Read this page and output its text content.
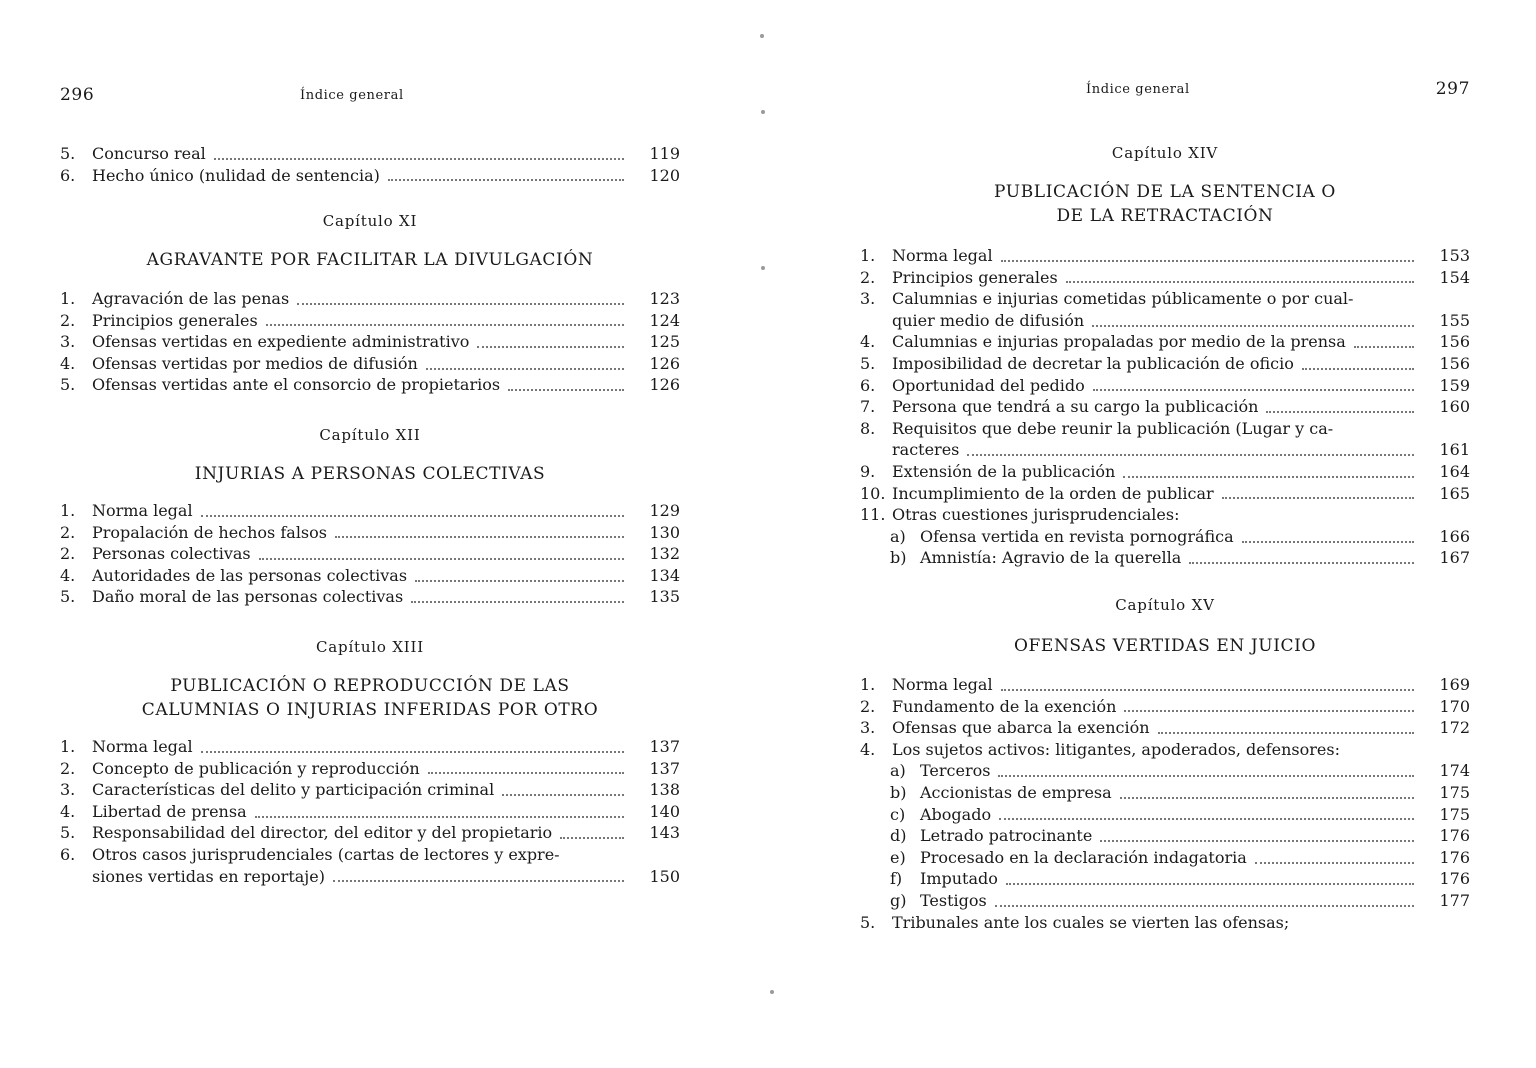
296	Índice general
5.	Concurso real	119
6.	Hecho único (nulidad de sentencia)	120
Capítulo XI
AGRAVANTE POR FACILITAR LA DIVULGACIÓN
1.	Agravación de las penas	123
2.	Principios generales	124
3.	Ofensas vertidas en expediente administrativo	125
4.	Ofensas vertidas por medios de difusión	126
5.	Ofensas vertidas ante el consorcio de propietarios	126
Capítulo XII
INJURIAS A PERSONAS COLECTIVAS
1.	Norma legal	129
2.	Propalación de hechos falsos	130
2.	Personas colectivas	132
4.	Autoridades de las personas colectivas	134
5.	Daño moral de las personas colectivas	135
Capítulo XIII
PUBLICACIÓN O REPRODUCCIÓN DE LAS
CALUMNIAS O INJURIAS INFERIDAS POR OTRO
1.	Norma legal	137
2.	Concepto de publicación y reproducción	137
3.	Características del delito y participación criminal	138
4.	Libertad de prensa	140
5.	Responsabilidad del director, del editor y del propietario	143
6.	Otros casos jurisprudenciales (cartas de lectores y expre-
siones vertidas en reportaje)	150
Índice general	297
Capítulo XIV
PUBLICACIÓN DE LA SENTENCIA O
DE LA RETRACTACIÓN
1.	Norma legal	153
2.	Principios generales	154
3.	Calumnias e injurias cometidas públicamente o por cual-
quier medio de difusión	155
4.	Calumnias e injurias propaladas por medio de la prensa	156
5.	Imposibilidad de decretar la publicación de oficio	156
6.	Oportunidad del pedido	159
7.	Persona que tendrá a su cargo la publicación	160
8.	Requisitos que debe reunir la publicación (Lugar y ca-
racteres	161
9.	Extensión de la publicación	164
10. Incumplimiento de la orden de publicar	165
11. Otras cuestiones jurisprudenciales:
a) Ofensa vertida en revista pornográfica	166
b) Amnistía: Agravio de la querella	167
Capítulo XV
OFENSAS VERTIDAS EN JUICIO
1.	Norma legal	169
2.	Fundamento de la exención	170
3.	Ofensas que abarca la exención	172
4.	Los sujetos activos: litigantes, apoderados, defensores:
a) Terceros	174
b) Accionistas de empresa	175
c) Abogado	175
d) Letrado patrocinante	176
e) Procesado en la declaración indagatoria	176
f)	Imputado	176
g) Testigos	177
5.	Tribunales ante los cuales se vierten las ofensas;
